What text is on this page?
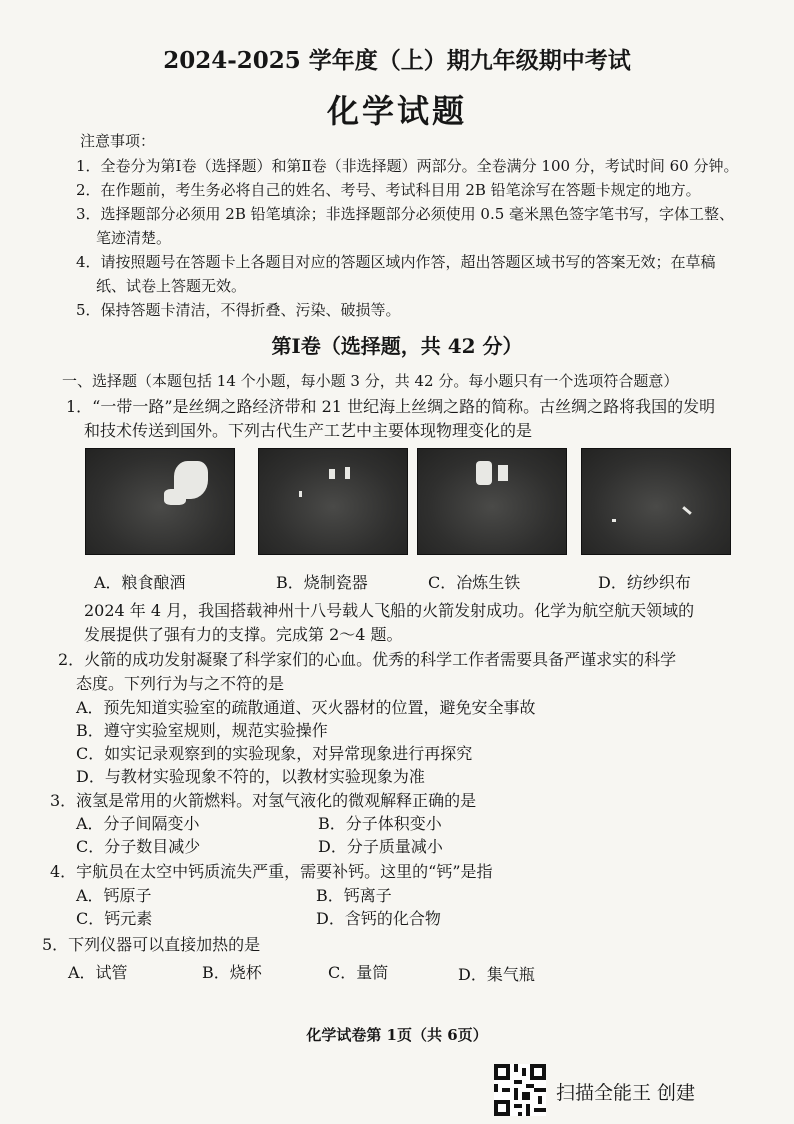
2024-2025 学年度（上）期九年级期中考试
化学试题
注意事项：
1．全卷分为第Ⅰ卷（选择题）和第Ⅱ卷（非选择题）两部分。全卷满分 100 分，考试时间 60 分钟。
2．在作题前，考生务必将自己的姓名、考号、考试科目用 2B 铅笔涂写在答题卡规定的地方。
3．选择题部分必须用 2B 铅笔填涂；非选择题部分必须使用 0.5 毫米黑色签字笔书写，字体工整、
笔迹清楚。
4．请按照题号在答题卡上各题目对应的答题区域内作答，超出答题区域书写的答案无效；在草稿
纸、试卷上答题无效。
5．保持答题卡清洁，不得折叠、污染、破损等。
第Ⅰ卷（选择题，共 42 分）
一、选择题（本题包括 14 个小题，每小题 3 分，共 42 分。每小题只有一个选项符合题意）
1．“一带一路”是丝绸之路经济带和 21 世纪海上丝绸之路的简称。古丝绸之路将我国的发明
和技术传送到国外。下列古代生产工艺中主要体现物理变化的是
A．粮食酿酒	B．烧制瓷器	C．冶炼生铁	D．纺纱织布
2024 年 4 月，我国搭载神州十八号载人飞船的火箭发射成功。化学为航空航天领域的
发展提供了强有力的支撑。完成第 2～4 题。
2．火箭的成功发射凝聚了科学家们的心血。优秀的科学工作者需要具备严谨求实的科学
态度。下列行为与之不符的是
A．预先知道实验室的疏散通道、灭火器材的位置，避免安全事故
B．遵守实验室规则，规范实验操作
C．如实记录观察到的实验现象，对异常现象进行再探究
D．与教材实验现象不符的，以教材实验现象为准
3．液氢是常用的火箭燃料。对氢气液化的微观解释正确的是
A．分子间隔变小	B．分子体积变小
C．分子数目减少	D．分子质量减小
4．宇航员在太空中钙质流失严重，需要补钙。这里的“钙”是指
A．钙原子	B．钙离子
C．钙元素	D．含钙的化合物
5．下列仪器可以直接加热的是
A．试管	B．烧杯	C．量筒	D．集气瓶
化学试卷第 1页（共 6页）
扫描全能王 创建
